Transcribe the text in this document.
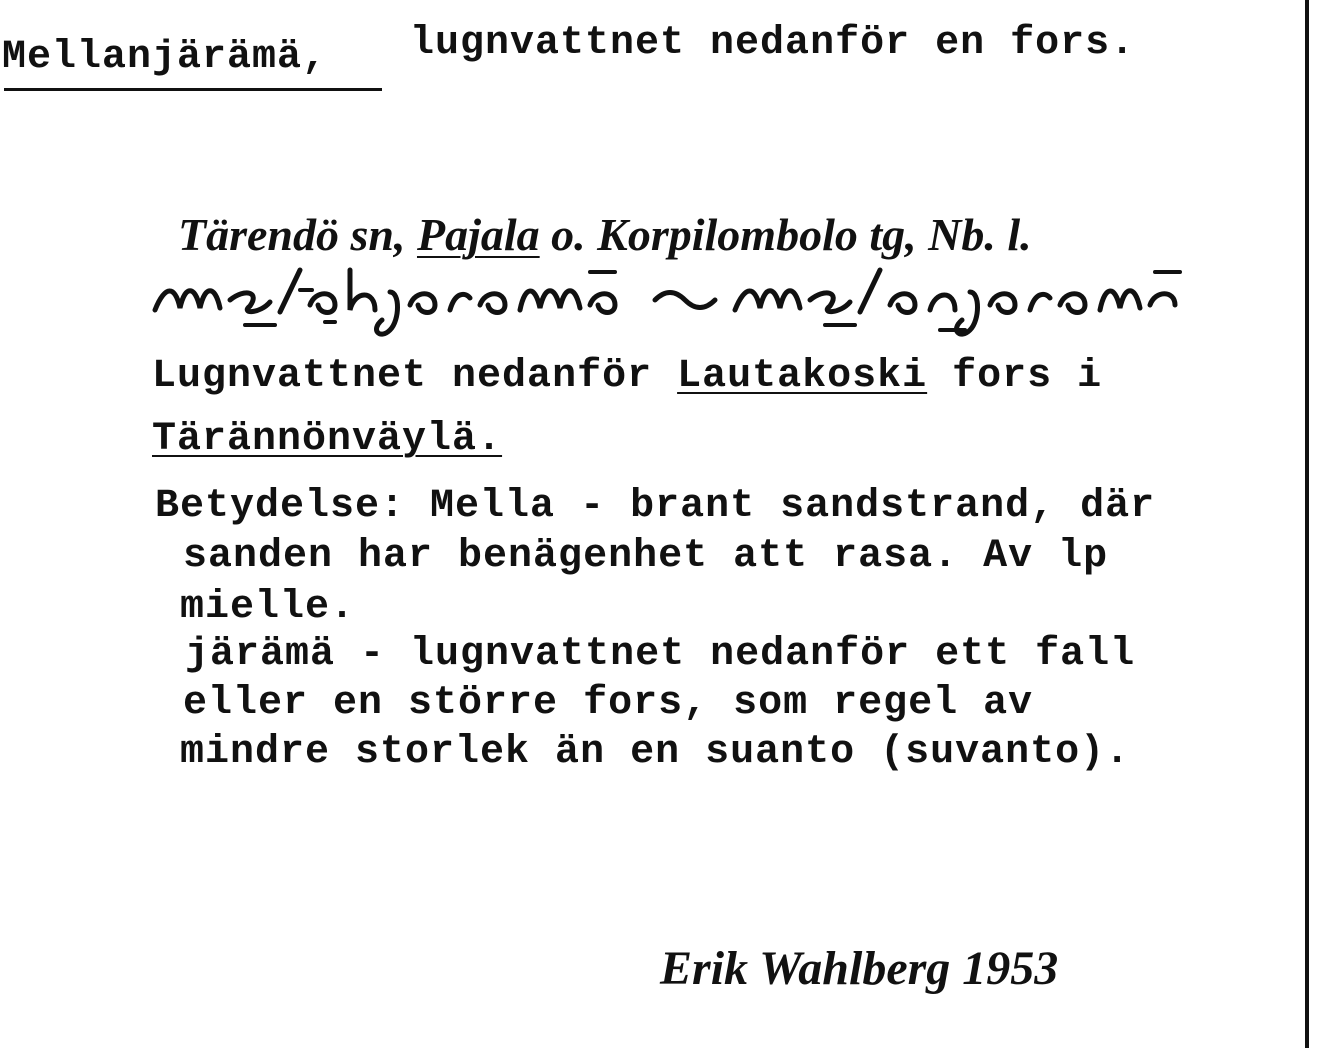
Mellanjärämä, lugnvattnet nedanför en fors.
Tärendö sn, Pajala o. Korpilombolo tg, Nb. l.
Lugnvattnet nedanför Lautakoski fors i
Tärännönväylä.
Betydelse: Mella - brant sandstrand, där
sanden har benägenhet att rasa. Av lp
mielle.
järämä - lugnvattnet nedanför ett fall
eller en större fors, som regel av
mindre storlek än en suanto (suvanto).
Erik Wahlberg 1953
